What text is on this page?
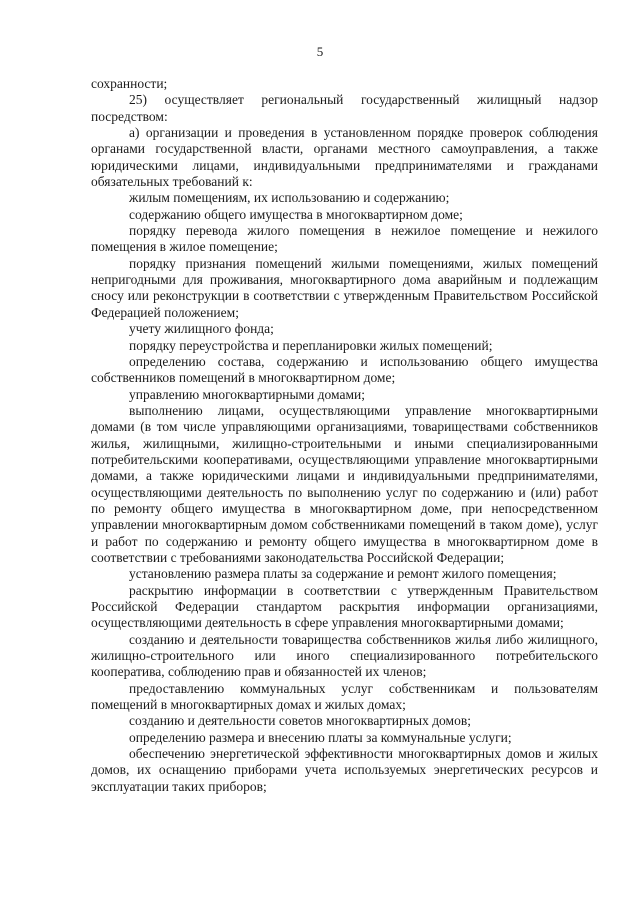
5

сохранности;

25) осуществляет региональный государственный жилищный надзор посредством:

а) организации и проведения в установленном порядке проверок соблюдения органами государственной власти, органами местного самоуправления, а также юридическими лицами, индивидуальными предпринимателями и гражданами обязательных требований к:

жилым помещениям, их использованию и содержанию;

содержанию общего имущества в многоквартирном доме;

порядку перевода жилого помещения в нежилое помещение и нежилого помещения в жилое помещение;

порядку признания помещений жилыми помещениями, жилых помещений непригодными для проживания, многоквартирного дома аварийным и подлежащим сносу или реконструкции в соответствии с утвержденным Правительством Российской Федерацией положением;

учету жилищного фонда;

порядку переустройства и перепланировки жилых помещений;

определению состава, содержанию и использованию общего имущества собственников помещений в многоквартирном доме;

управлению многоквартирными домами;

выполнению лицами, осуществляющими управление многоквартирными домами (в том числе управляющими организациями, товариществами собственников жилья, жилищными, жилищно-строительными и иными специализированными потребительскими кооперативами, осуществляющими управление многоквартирными домами, а также юридическими лицами и индивидуальными предпринимателями, осуществляющими деятельность по выполнению услуг по содержанию и (или) работ по ремонту общего имущества в многоквартирном доме, при непосредственном управлении многоквартирным домом собственниками помещений в таком доме), услуг и работ по содержанию и ремонту общего имущества в многоквартирном доме в соответствии с требованиями законодательства Российской Федерации;

установлению размера платы за содержание и ремонт жилого помещения;

раскрытию информации в соответствии с утвержденным Правительством Российской Федерации стандартом раскрытия информации организациями, осуществляющими деятельность в сфере управления многоквартирными домами;

созданию и деятельности товарищества собственников жилья либо жилищного, жилищно-строительного или иного специализированного потребительского кооператива, соблюдению прав и обязанностей их членов;

предоставлению коммунальных услуг собственникам и пользователям помещений в многоквартирных домах и жилых домах;

созданию и деятельности советов многоквартирных домов;

определению размера и внесению платы за коммунальные услуги;

обеспечению энергетической эффективности многоквартирных домов и жилых домов, их оснащению приборами учета используемых энергетических ресурсов и эксплуатации таких приборов;
